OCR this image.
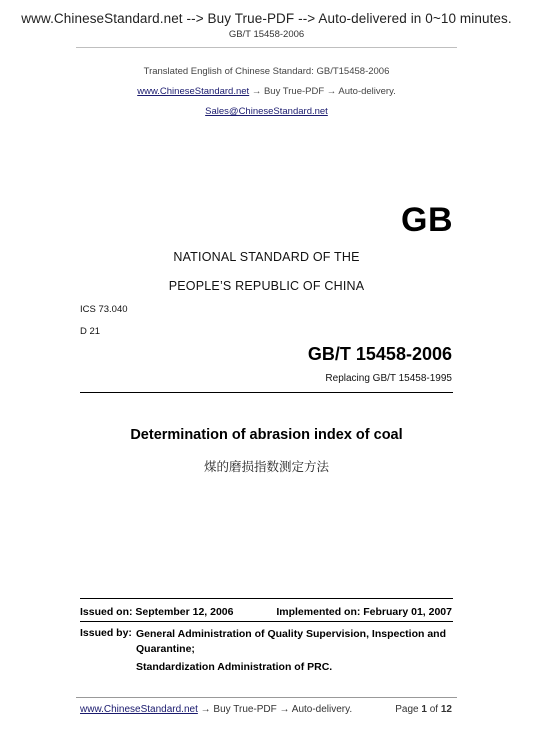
www.ChineseStandard.net --> Buy True-PDF --> Auto-delivered in 0~10 minutes.
GB/T 15458-2006
Translated English of Chinese Standard: GB/T15458-2006
www.ChineseStandard.net → Buy True-PDF → Auto-delivery.
Sales@ChineseStandard.net
GB
NATIONAL STANDARD OF THE
PEOPLE’S REPUBLIC OF CHINA
ICS 73.040
D 21
GB/T 15458-2006
Replacing GB/T 15458-1995
Determination of abrasion index of coal
煤的磨损指数测定方法
Issued on: September 12, 2006	Implemented on: February 01, 2007
Issued by: General Administration of Quality Supervision, Inspection and Quarantine;
Standardization Administration of PRC.
www.ChineseStandard.net → Buy True-PDF → Auto-delivery.	Page 1 of 12
